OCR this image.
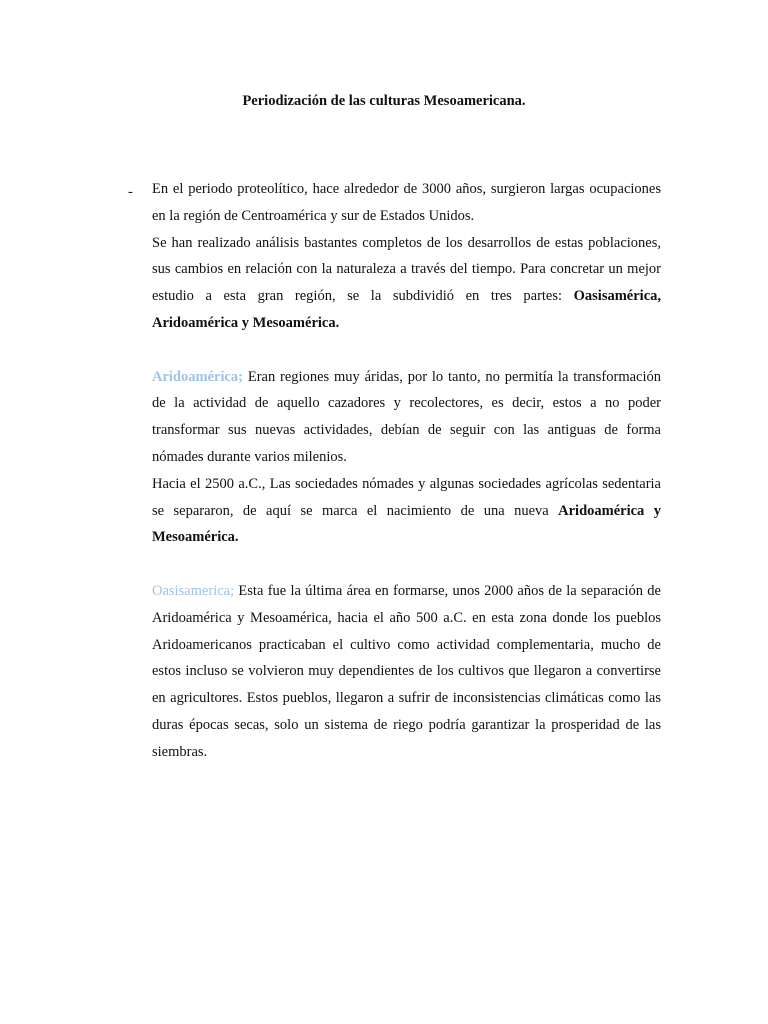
Periodización de las culturas Mesoamericana.
- En el periodo proteolítico, hace alrededor de 3000 años, surgieron largas ocupaciones en la región de Centroamérica y sur de Estados Unidos.

Se han realizado análisis bastantes completos de los desarrollos de estas poblaciones, sus cambios en relación con la naturaleza a través del tiempo. Para concretar un mejor estudio a esta gran región, se la subdividió en tres partes: Oasisamérica, Aridoamérica y Mesoamérica.

Aridoamérica; Eran regiones muy áridas, por lo tanto, no permitía la transformación de la actividad de aquello cazadores y recolectores, es decir, estos a no poder transformar sus nuevas actividades, debían de seguir con las antiguas de forma nómades durante varios milenios.

Hacia el 2500 a.C., Las sociedades nómades y algunas sociedades agrícolas sedentaria se separaron, de aquí se marca el nacimiento de una nueva Aridoamérica y Mesoamérica.

Oasisamerica; Esta fue la última área en formarse, unos 2000 años de la separación de Aridoamérica y Mesoamérica, hacia el año 500 a.C. en esta zona donde los pueblos Aridoamericanos practicaban el cultivo como actividad complementaria, mucho de estos incluso se volvieron muy dependientes de los cultivos que llegaron a convertirse en agricultores. Estos pueblos, llegaron a sufrir de inconsistencias climáticas como las duras épocas secas, solo un sistema de riego podría garantizar la prosperidad de las siembras.
